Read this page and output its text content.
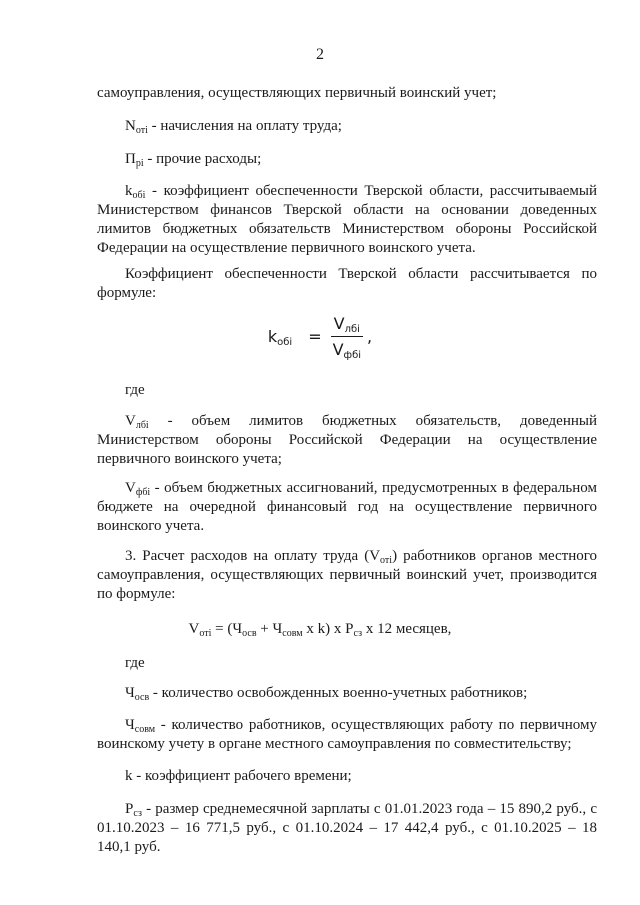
2
самоуправления, осуществляющих первичный воинский учет;
$N_{отi}$ - начисления на оплату труда;
$П_{рi}$ - прочие расходы;
$k_{обi}$ - коэффициент обеспеченности Тверской области, рассчитываемый Министерством финансов Тверской области на основании доведенных лимитов бюджетных обязательств Министерством обороны Российской Федерации на осуществление первичного воинского учета.
Коэффициент обеспеченности Тверской области рассчитывается по формуле:
$k_{обi} = \frac{V_{лбi}}{V_{фбi}}$ ,
где
$V_{лбi}$ - объем лимитов бюджетных обязательств, доведенный Министерством обороны Российской Федерации на осуществление первичного воинского учета;
$V_{фбi}$ - объем бюджетных ассигнований, предусмотренных в федеральном бюджете на очередной финансовый год на осуществление первичного воинского учета.
3. Расчет расходов на оплату труда $(V_{отi})$ работников органов местного самоуправления, осуществляющих первичный воинский учет, производится по формуле:
$V_{отi} = (Ч_{осв} + Ч_{совм}$ x k) x $Р_{сз}$ x 12 месяцев,
где
$Ч_{осв}$ - количество освобожденных военно-учетных работников;
$Ч_{совм}$ - количество работников, осуществляющих работу по первичному воинскому учету в органе местного самоуправления по совместительству;
k - коэффициент рабочего времени;
$Р_{сз}$ - размер среднемесячной зарплаты с 01.01.2023 года – 15 890,2 руб., с 01.10.2023 – 16 771,5 руб., с 01.10.2024 – 17 442,4 руб., с 01.10.2025 – 18 140,1 руб.
